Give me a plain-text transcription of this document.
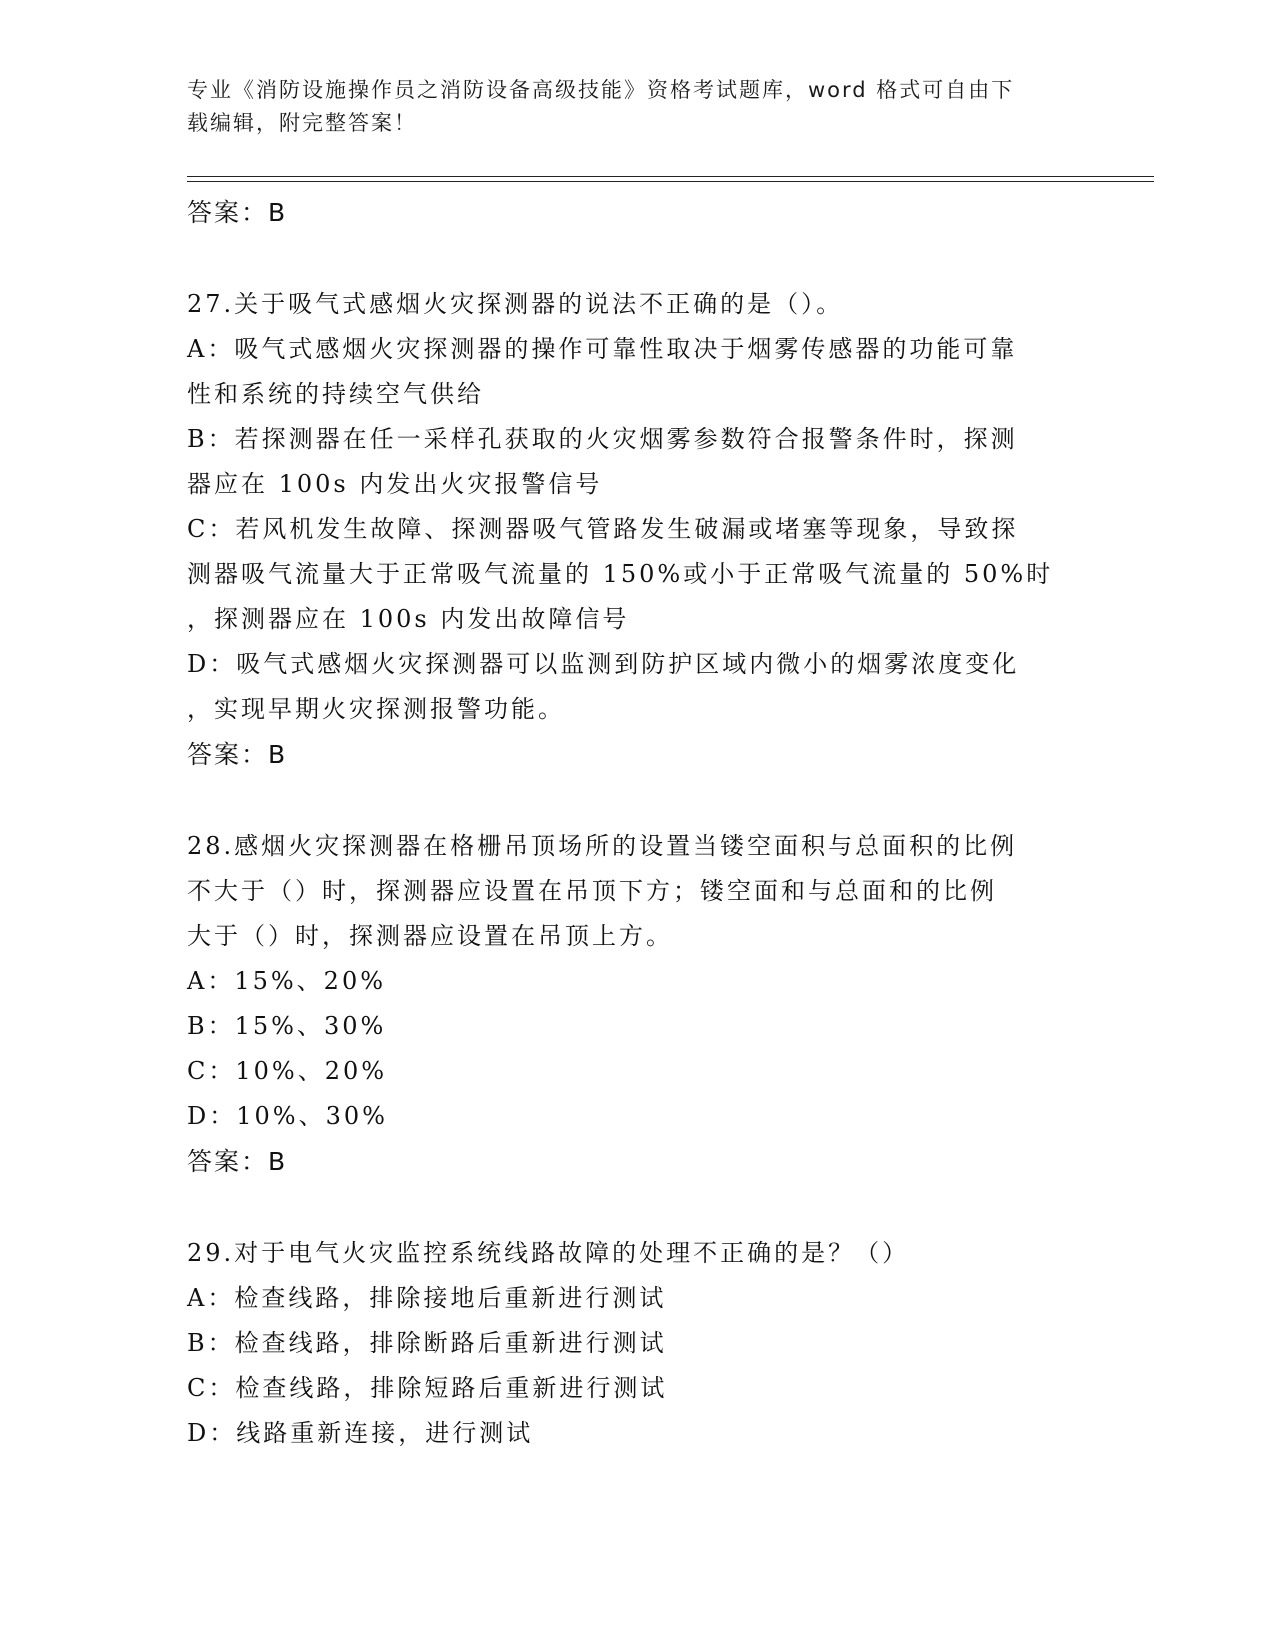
专业《消防设施操作员之消防设备高级技能》资格考试题库，word 格式可自由下
载编辑，附完整答案！
答案：B
27.关于吸气式感烟火灾探测器的说法不正确的是（）。
A：吸气式感烟火灾探测器的操作可靠性取决于烟雾传感器的功能可靠
性和系统的持续空气供给
B：若探测器在任一采样孔获取的火灾烟雾参数符合报警条件时，探测
器应在 100s 内发出火灾报警信号
C：若风机发生故障、探测器吸气管路发生破漏或堵塞等现象，导致探
测器吸气流量大于正常吸气流量的 150%或小于正常吸气流量的 50%时
，探测器应在 100s 内发出故障信号
D：吸气式感烟火灾探测器可以监测到防护区域内微小的烟雾浓度变化
，实现早期火灾探测报警功能。
答案：B
28.感烟火灾探测器在格栅吊顶场所的设置当镂空面积与总面积的比例
不大于（）时，探测器应设置在吊顶下方；镂空面和与总面和的比例
大于（）时，探测器应设置在吊顶上方。
A：15%、20%
B：15%、30%
C：10%、20%
D：10%、30%
答案：B
29.对于电气火灾监控系统线路故障的处理不正确的是？（）
A：检查线路，排除接地后重新进行测试
B：检查线路，排除断路后重新进行测试
C：检查线路，排除短路后重新进行测试
D：线路重新连接，进行测试
